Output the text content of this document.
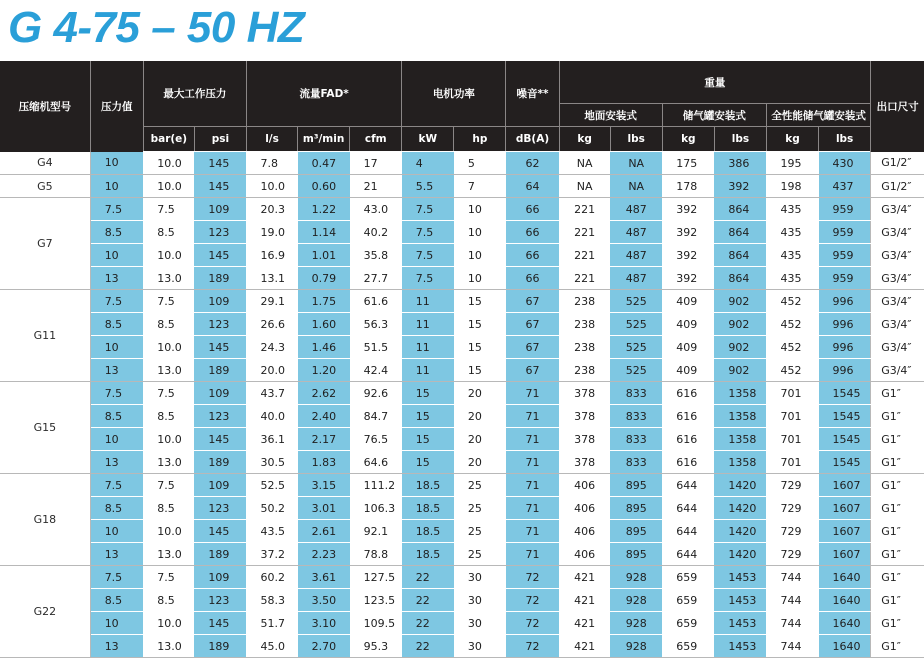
G 4-75 – 50 HZ
压缩机型号	压力值	最大工作压力		流量FAD*			电机功率		噪音**	重量						出口尺寸
										地面安装式		储气罐安装式		全性能储气罐安装式		
		bar(e)	psi	l/s	m³/min	cfm	kW	hp	dB(A)	kg	lbs	kg	lbs	kg	lbs	
G4	10	10.0	145	7.8	0.47	17	4	5	62	NA	NA	175	386	195	430	G1/2″
G5	10	10.0	145	10.0	0.60	21	5.5	7	64	NA	NA	178	392	198	437	G1/2″
G7	7.5	7.5	109	20.3	1.22	43.0	7.5	10	66	221	487	392	864	435	959	G3/4″
	8.5	8.5	123	19.0	1.14	40.2	7.5	10	66	221	487	392	864	435	959	G3/4″
	10	10.0	145	16.9	1.01	35.8	7.5	10	66	221	487	392	864	435	959	G3/4″
	13	13.0	189	13.1	0.79	27.7	7.5	10	66	221	487	392	864	435	959	G3/4″
G11	7.5	7.5	109	29.1	1.75	61.6	11	15	67	238	525	409	902	452	996	G3/4″
	8.5	8.5	123	26.6	1.60	56.3	11	15	67	238	525	409	902	452	996	G3/4″
	10	10.0	145	24.3	1.46	51.5	11	15	67	238	525	409	902	452	996	G3/4″
	13	13.0	189	20.0	1.20	42.4	11	15	67	238	525	409	902	452	996	G3/4″
G15	7.5	7.5	109	43.7	2.62	92.6	15	20	71	378	833	616	1358	701	1545	G1″
	8.5	8.5	123	40.0	2.40	84.7	15	20	71	378	833	616	1358	701	1545	G1″
	10	10.0	145	36.1	2.17	76.5	15	20	71	378	833	616	1358	701	1545	G1″
	13	13.0	189	30.5	1.83	64.6	15	20	71	378	833	616	1358	701	1545	G1″
G18	7.5	7.5	109	52.5	3.15	111.2	18.5	25	71	406	895	644	1420	729	1607	G1″
	8.5	8.5	123	50.2	3.01	106.3	18.5	25	71	406	895	644	1420	729	1607	G1″
	10	10.0	145	43.5	2.61	92.1	18.5	25	71	406	895	644	1420	729	1607	G1″
	13	13.0	189	37.2	2.23	78.8	18.5	25	71	406	895	644	1420	729	1607	G1″
G22	7.5	7.5	109	60.2	3.61	127.5	22	30	72	421	928	659	1453	744	1640	G1″
	8.5	8.5	123	58.3	3.50	123.5	22	30	72	421	928	659	1453	744	1640	G1″
	10	10.0	145	51.7	3.10	109.5	22	30	72	421	928	659	1453	744	1640	G1″
	13	13.0	189	45.0	2.70	95.3	22	30	72	421	928	659	1453	744	1640	G1″
